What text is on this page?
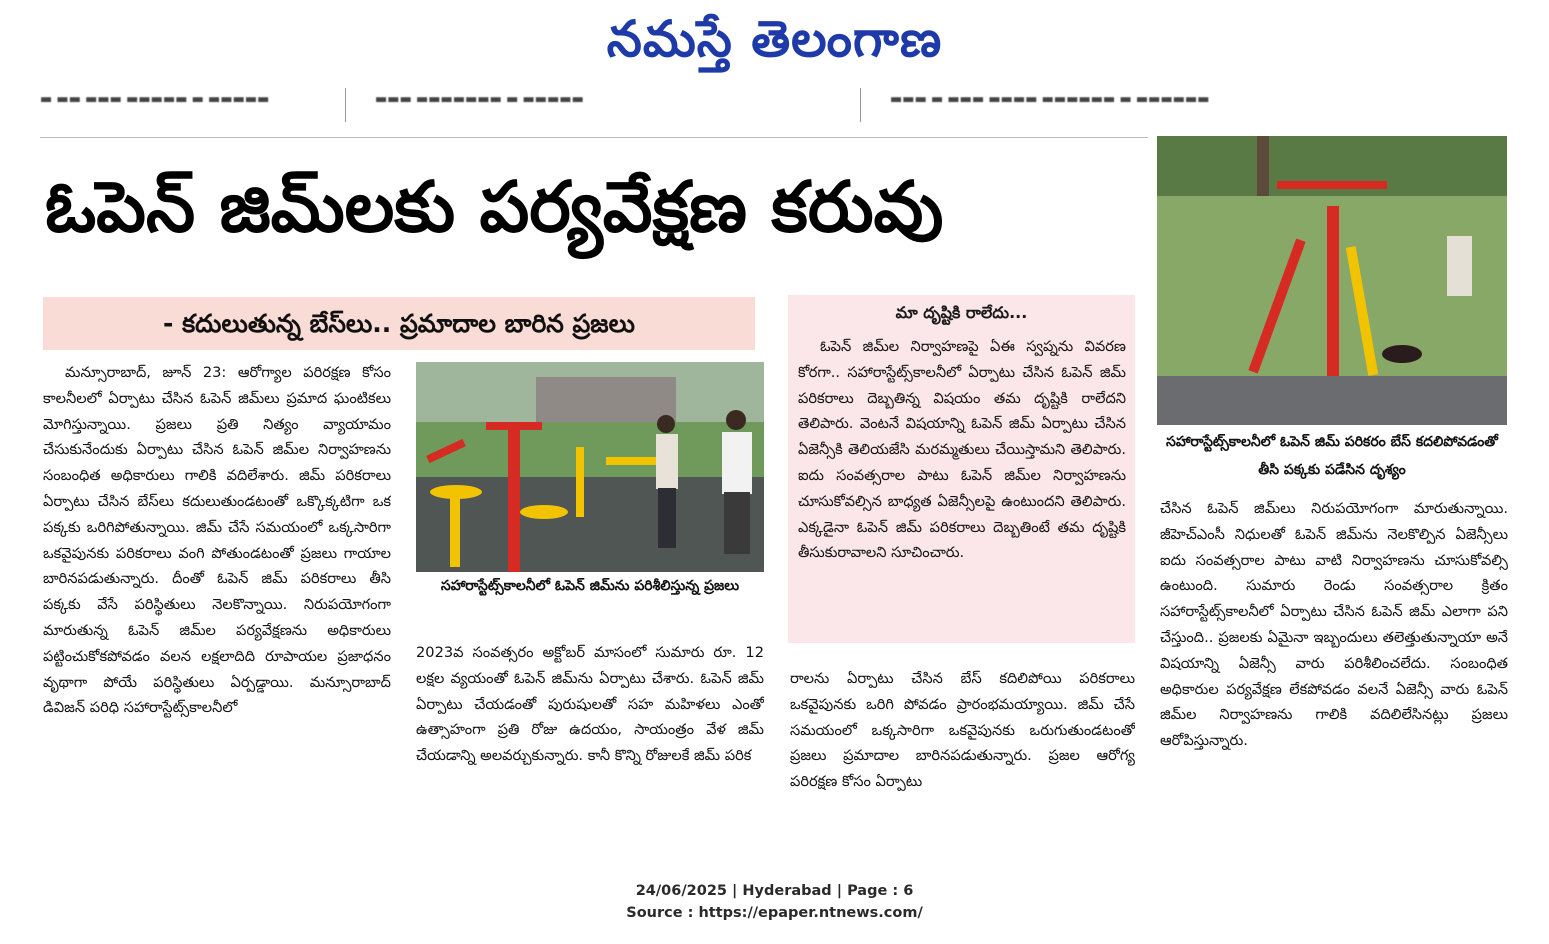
నమస్తే తెలంగాణ
▬ ▬▬ ▬▬▬ ▬▬▬▬▬ ▬ ▬▬▬▬▬	▬▬▬ ▬▬▬▬▬▬▬ ▬ ▬▬▬▬▬	▬▬▬ ▬ ▬▬▬ ▬▬▬▬ ▬▬▬▬▬▬ ▬ ▬▬▬▬▬▬
ఓపెన్ జిమ్‌లకు పర్యవేక్షణ కరువు
- కదులుతున్న బేస్‌లు.. ప్రమాదాల బారిన ప్రజలు

మన్సూరాబాద్, జూన్ 23: ఆరోగ్యాల పరిరక్షణ కోసం కాలనీలలో ఏర్పాటు చేసిన ఓపెన్ జిమ్‌లు ప్రమాద ఘంటికలు మోగిస్తున్నాయి. ప్రజలు ప్రతి నిత్యం వ్యాయామం చేసుకునేందుకు ఏర్పాటు చేసిన ఓపెన్ జిమ్‌ల నిర్వాహణను సంబంధిత అధికారులు గాలికి వదిలేశారు. జిమ్ పరికరాలు ఏర్పాటు చేసిన బేస్‌లు కదులుతుండటంతో ఒక్కొక్కటిగా ఒక పక్కకు ఒరిగిపోతున్నాయి. జిమ్ చేసే సమయంలో ఒక్కసారిగా ఒకవైపునకు పరికరాలు వంగి పోతుండటంతో ప్రజలు గాయాల బారినపడుతున్నారు. దీంతో ఓపెన్ జిమ్ పరికరాలు తీసి పక్కకు వేసే పరిస్థితులు నెలకొన్నాయి. నిరుపయోగంగా మారుతున్న ఓపెన్ జిమ్‌ల పర్యవేక్షణను అధికారులు పట్టించుకోకపోవడం వలన లక్షలాదిది రూపాయల ప్రజాధనం వృథాగా పోయే పరిస్థితులు ఏర్పడ్డాయి. మన్సూరాబాద్ డివిజన్ పరిధి సహారాస్టేట్స్‌కాలనీలో

సహారాస్టేట్స్‌కాలనీలో ఓపెన్ జిమ్‌ను పరిశీలిస్తున్న ప్రజలు

2023వ సంవత్సరం అక్టోబర్ మాసంలో సుమారు రూ. 12 లక్షల వ్యయంతో ఓపెన్ జిమ్‌ను ఏర్పాటు చేశారు. ఓపెన్ జిమ్ ఏర్పాటు చేయడంతో పురుషులతో సహ మహిళలు ఎంతో ఉత్సాహంగా ప్రతి రోజు ఉదయం, సాయంత్రం వేళ జిమ్ చేయడాన్ని అలవర్చుకున్నారు. కానీ కొన్ని రోజులకే జిమ్ పరిక

మా దృష్టికి రాలేదు...

ఓపెన్ జిమ్‌ల నిర్వాహణపై ఏఈ స్వప్నను వివరణ కోరగా.. సహారాస్టేట్స్‌కాలనీలో ఏర్పాటు చేసిన ఓపెన్ జిమ్ పరికరాలు దెబ్బతిన్న విషయం తమ దృష్టికి రాలేదని తెలిపారు. వెంటనే విషయాన్ని ఓపెన్ జిమ్ ఏర్పాటు చేసిన ఏజెన్సీకి తెలియజేసి మరమ్మతులు చేయిస్తామని తెలిపారు. ఐదు సంవత్సరాల పాటు ఓపెన్ జిమ్‌ల నిర్వాహణను చూసుకోవల్సిన బాధ్యత ఏజెన్సీలపై ఉంటుందని తెలిపారు. ఎక్కడైనా ఓపెన్ జిమ్ పరికరాలు దెబ్బతింటే తమ దృష్టికి తీసుకురావాలని సూచించారు.

రాలను ఏర్పాటు చేసిన బేస్ కదిలిపోయి పరికరాలు ఒకవైపునకు ఒరిగి పోవడం ప్రారంభమయ్యాయి. జిమ్ చేసే సమయంలో ఒక్కసారిగా ఒకవైపునకు ఒరుగుతుండటంతో ప్రజలు ప్రమాదాల బారినపడుతున్నారు. ప్రజల ఆరోగ్య పరిరక్షణ కోసం ఏర్పాటు

సహారాస్టేట్స్‌కాలనీలో ఓపెన్ జిమ్ పరికరం బేస్ కదలిపోవడంతో తీసి పక్కకు పడేసిన దృశ్యం

చేసిన ఓపెన్ జిమ్‌లు నిరుపయోగంగా మారుతున్నాయి. జీహెచ్ఎంసీ నిధులతో ఓపెన్ జిమ్‌ను నెలకొల్పిన ఏజెన్సీలు ఐదు సంవత్సరాల పాటు వాటి నిర్వాహణను చూసుకోవల్సి ఉంటుంది. సుమారు రెండు సంవత్సరాల క్రితం సహారాస్టేట్స్‌కాలనీలో ఏర్పాటు చేసిన ఓపెన్ జిమ్ ఎలాగా పని చేస్తుంది.. ప్రజలకు ఏమైనా ఇబ్బందులు తలెత్తుతున్నాయా అనే విషయాన్ని ఏజెన్సీ వారు పరిశీలించలేదు. సంబంధిత అధికారుల పర్యవేక్షణ లేకపోవడం వలనే ఏజెన్సీ వారు ఓపెన్ జిమ్‌ల నిర్వాహణను గాలికి వదిలిలేసినట్లు ప్రజలు ఆరోపిస్తున్నారు.

24/06/2025 | Hyderabad | Page : 6
Source : https://epaper.ntnews.com/
